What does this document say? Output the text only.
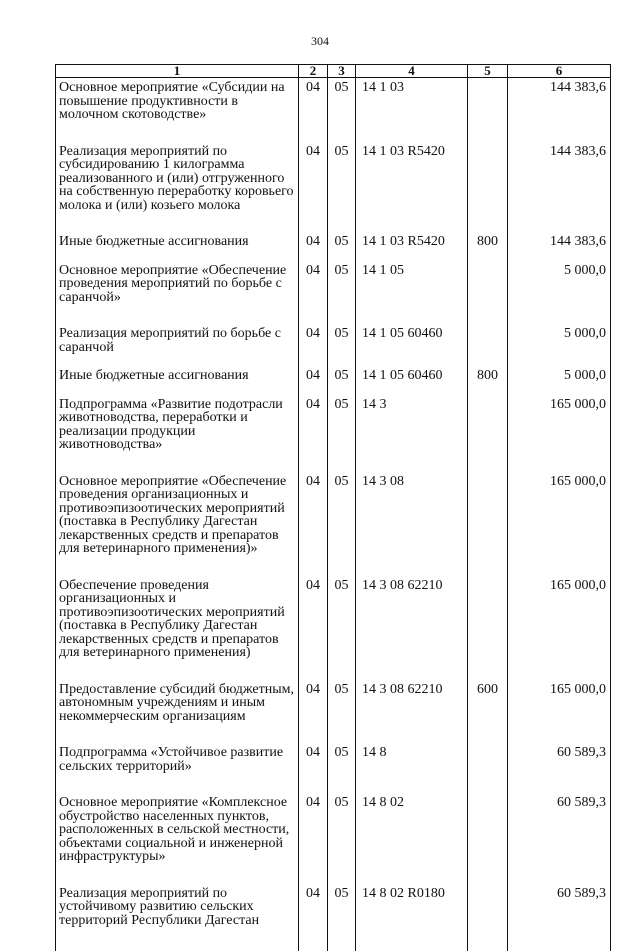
304
1	2	3	4	5	6
Основное мероприятие «Субсидии на повышение продуктивности в молочном скотоводстве»	04	05	14 1 03		144 383,6

Реализация мероприятий по субсидированию 1 килограмма реализованного и (или) отгруженного на собственную переработку коровьего молока и (или) козьего молока	04	05	14 1 03 R5420		144 383,6

Иные бюджетные ассигнования	04	05	14 1 03 R5420	800	144 383,6

Основное мероприятие «Обеспечение проведения мероприятий по борьбе с саранчой»	04	05	14 1 05		5 000,0

Реализация мероприятий по борьбе с саранчой	04	05	14 1 05 60460		5 000,0

Иные бюджетные ассигнования	04	05	14 1 05 60460	800	5 000,0

Подпрограмма «Развитие подотрасли животноводства, переработки и реализации продукции животноводства»	04	05	14 3		165 000,0

Основное мероприятие «Обеспечение проведения организационных и противоэпизоотических мероприятий (поставка в Республику Дагестан лекарственных средств и препаратов для ветеринарного применения)»	04	05	14 3 08		165 000,0

Обеспечение проведения организационных и противоэпизоотических мероприятий (поставка в Республику Дагестан лекарственных средств и препаратов для ветеринарного применения)	04	05	14 3 08 62210		165 000,0

Предоставление субсидий бюджетным, автономным учреждениям и иным некоммерческим организациям	04	05	14 3 08 62210	600	165 000,0

Подпрограмма «Устойчивое развитие сельских территорий»	04	05	14 8		60 589,3

Основное мероприятие «Комплексное обустройство населенных пунктов, расположенных в сельской местности, объектами социальной и инженерной инфраструктуры»	04	05	14 8 02		60 589,3

Реализация мероприятий по устойчивому развитию сельских территорий Республики Дагестан	04	05	14 8 02 R0180		60 589,3
